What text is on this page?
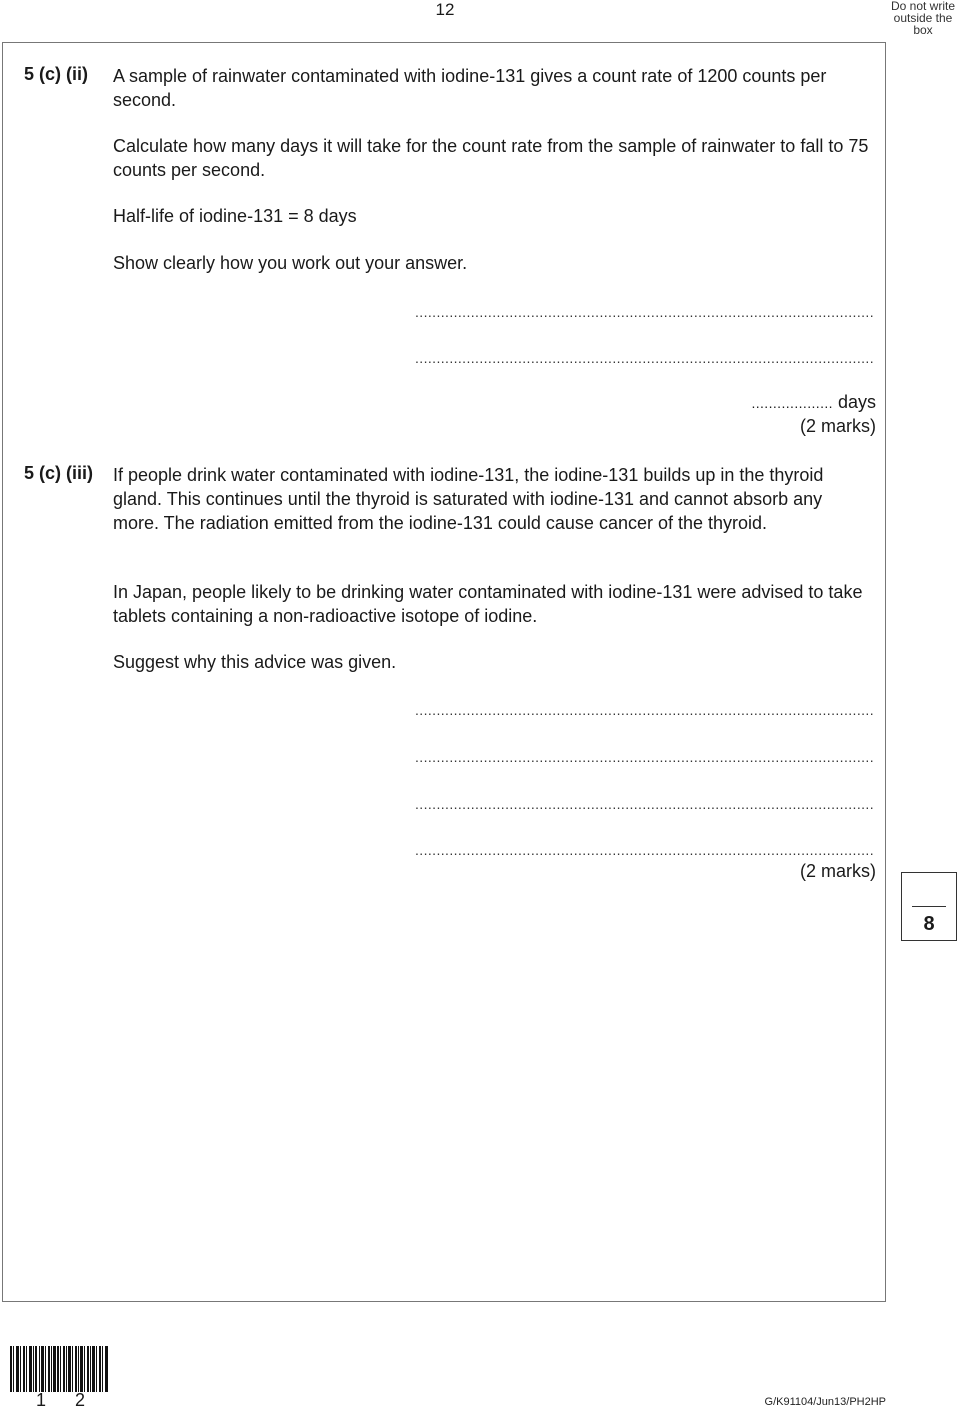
12	Do not write
outside the
box
5 (c) (ii) A sample of rainwater contaminated with iodine-131 gives a count rate of 1200 counts per second.

Calculate how many days it will take for the count rate from the sample of rainwater to fall to 75 counts per second.

Half-life of iodine-131 = 8 days

Show clearly how you work out your answer.

...........................................................................................................
...........................................................................................................
................... days
(2 marks)
5 (c) (iii) If people drink water contaminated with iodine-131, the iodine-131 builds up in the thyroid gland. This continues until the thyroid is saturated with iodine-131 and cannot absorb any more. The radiation emitted from the iodine-131 could cause cancer of the thyroid.

In Japan, people likely to be drinking water contaminated with iodine-131 were advised to take tablets containing a non-radioactive isotope of iodine.

Suggest why this advice was given.

...........................................................................................................
...........................................................................................................
...........................................................................................................
...........................................................................................................
(2 marks)
8
1 2	G/K91104/Jun13/PH2HP
